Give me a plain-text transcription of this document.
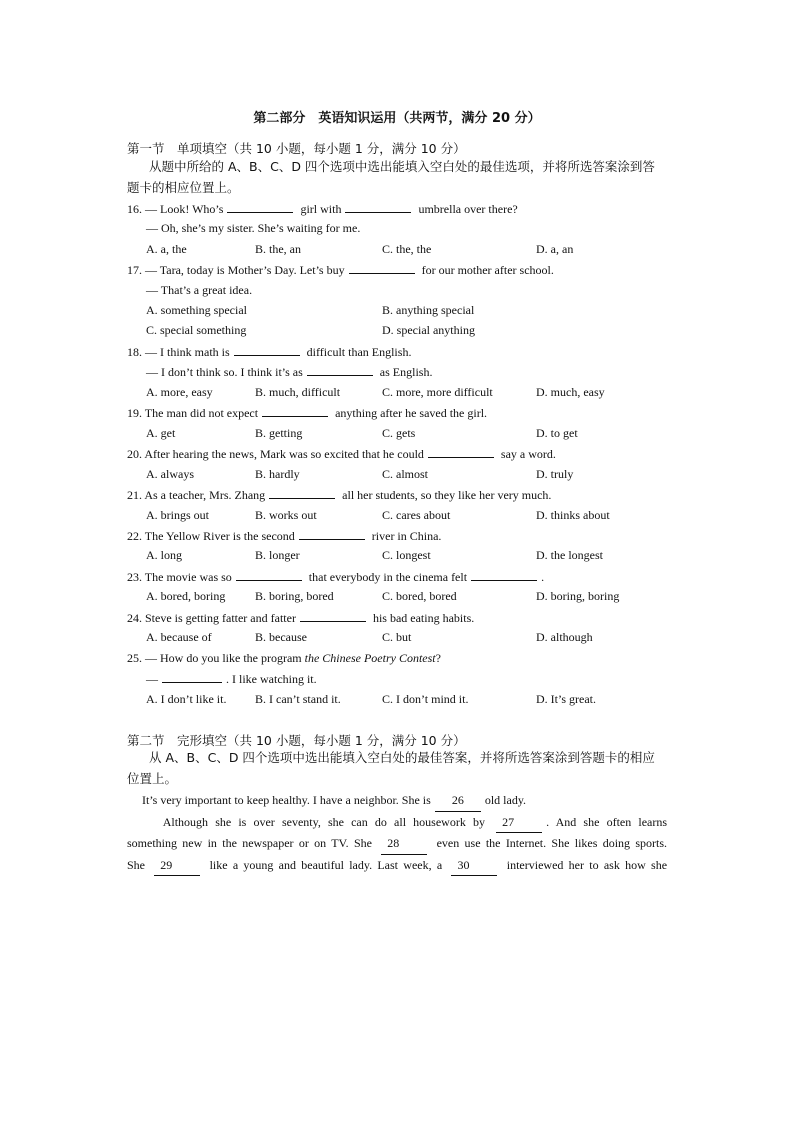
第二部分　英语知识运用（共两节，满分 20 分）
第一节　单项填空（共 10 小题，每小题 1 分，满分 10 分）
从题中所给的 A、B、C、D 四个选项中选出能填入空白处的最佳选项，并将所选答案涂到答
题卡的相应位置上。
16. — Look! Who’s	girl with	umbrella over there?
— Oh, she’s my sister. She’s waiting for me.
A. a, the	B. the, an	C. the, the	D. a, an
17. — Tara, today is Mother’s Day. Let’s buy	for our mother after school.
— That’s a great idea.
A. something special	B. anything special
C. special something	D. special anything
18. — I think math is	difficult than English.
— I don’t think so. I think it’s as	as English.
A. more, easy	B. much, difficult	C. more, more difficult	D. much, easy
19. The man did not expect	anything after he saved the girl.
A. get	B. getting	C. gets	D. to get
20. After hearing the news, Mark was so excited that he could	say a word.
A. always	B. hardly	C. almost	D. truly
21. As a teacher, Mrs. Zhang	all her students, so they like her very much.
A. brings out	B. works out	C. cares about	D. thinks about
22. The Yellow River is the second	river in China.
A. long	B. longer	C. longest	D. the longest
23. The movie was so	that everybody in the cinema felt	.
A. bored, boring B. boring, bored	C. bored, bored	D. boring, boring
24. Steve is getting fatter and fatter	his bad eating habits.
A. because of	B. because	C. but	D. although
25. — How do you like the program the Chinese Poetry Contest?
—	. I like watching it.
A. I don’t like it. B. I can’t stand it.	C. I don’t mind it.	D. It’s great.
第二节　完形填空（共 10 小题，每小题 1 分，满分 10 分）
从 A、B、C、D 四个选项中选出能填入空白处的最佳答案，并将所选答案涂到答题卡的相应
位置上。
It’s very important to keep healthy. I have a neighbor. She is 26 old lady.
Although she is over seventy, she can do all housework by 27	. And she often learns
something new in the newspaper or on TV. She 28	even use the Internet. She likes doing sports.
She 29	like a young and beautiful lady. Last week, a 30	interviewed her to ask how she
